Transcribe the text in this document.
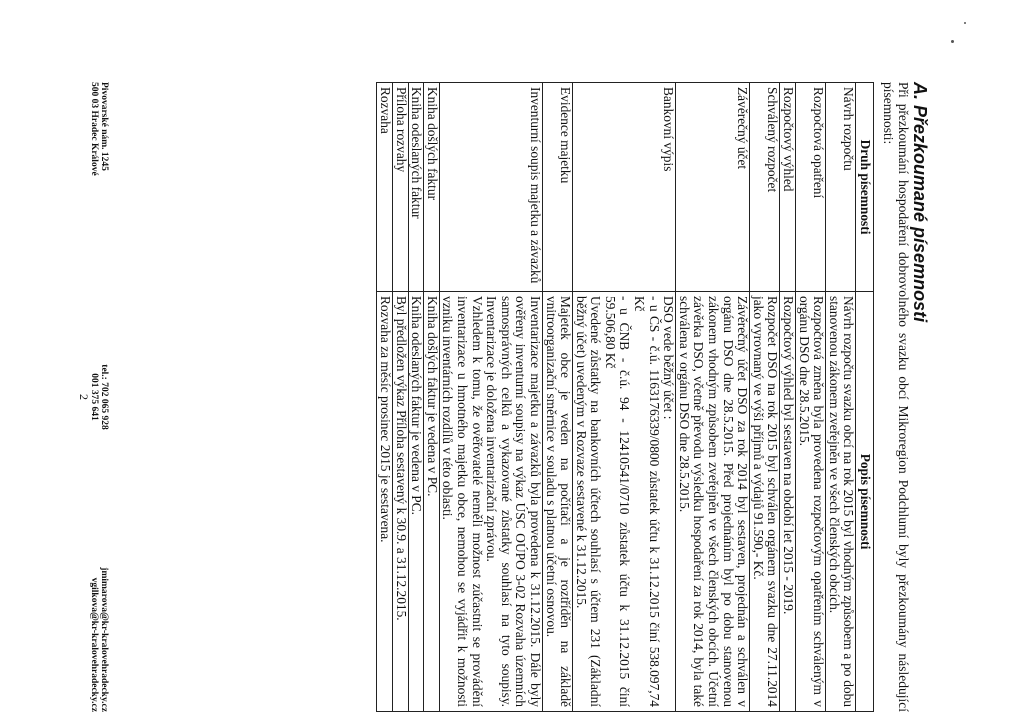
A. Přezkoumané písemnosti
Při přezkoumání hospodaření dobrovolného svazku obcí Mikroregion Podchlumí byly přezkoumány následující písemnosti:
Druh písemnosti	Popis písemnosti
Návrh rozpočtu	Návrh rozpočtu svazku obcí na rok 2015 byl vhodným způsobem a po dobu stanovenou zákonem zveřejněn ve všech členských obcích.

Rozpočtová opatření	Rozpočtová změna byla provedena rozpočtovým opatřením schváleným v orgánu DSO dne 28.5.2015.

Rozpočtový výhled	Rozpočtový výhled byl sestaven na období let 2015 - 2019.

Schválený rozpočet	Rozpočet DSO na rok 2015 byl schválen orgánem svazku dne 27.11.2014 jako vyrovnaný ve výši příjmů a výdajů 91.590,- Kč.

Závěrečný účet	Závěrečný účet DSO za rok 2014 byl sestaven, projednán a schválen v orgánu DSO dne 28.5.2015. Před projednáním byl po dobu stanovenou zákonem vhodným způsobem zveřejněn ve všech členských obcích. Účetní závěrka DSO, včetně převodu výsledku hospodaření za rok 2014, byla také schválena v orgánu DSO dne 28.5.2015.

Bankovní výpis	DSO vede běžný účet :
- u ČS - č.ú. 1163176339/0800 zůstatek účtu k 31.12.2015 činí 538.097,74 Kč
- u ČNB - č.ú. 94 - 12410541/0710 zůstatek účtu k 31.12.2015 činí 59.506,80 Kč
Uvedené zůstatky na bankovních účtech souhlasí s účtem 231 (Základní běžný účet) uvedeným v Rozvaze sestavené k 31.12.2015.

Evidence majetku	Majetek obce je veden na počítači a je roztříděn na základě vnitroorganizační směrnice v souladu s platnou účetní osnovou.

Inventurní soupis majetku a závazků	Inventarizace majetku a závazků byla provedena k 31.12.2015. Dále byly ověřeny inventurní soupisy na výkaz ÚSC OÚPO 3-02 Rozvaha územních samosprávných celků a vykazované zůstatky souhlasí na tyto soupisy. Inventarizace je doložena inventarizační zprávou.
Vzhledem k tomu, že ověřovatelé neměli možnost zúčastnit se provádění inventarizace u hmotného majetku obce, nemohou se vyjádřit k možnosti vzniku inventárních rozdílů v této oblasti.

Kniha došlých faktur	Kniha došlých faktur je vedena v PC.

Kniha odeslaných faktur	Kniha odeslaných faktur je vedena v PC.

Příloha rozvahy	Byl předložen výkaz Příloha sestavený k 30.9. a 31.12.2015.

Rozvaha	Rozvaha za měsíc prosinec 2015 je sestavena.
Pivovarské nám. 1245
500 03 Hradec Králové
tel.: 702 065 928
001 375 641
jmimarova@kr-kralovehradecky.cz
vgilkova@kr-kralovehradecky.cz
2
